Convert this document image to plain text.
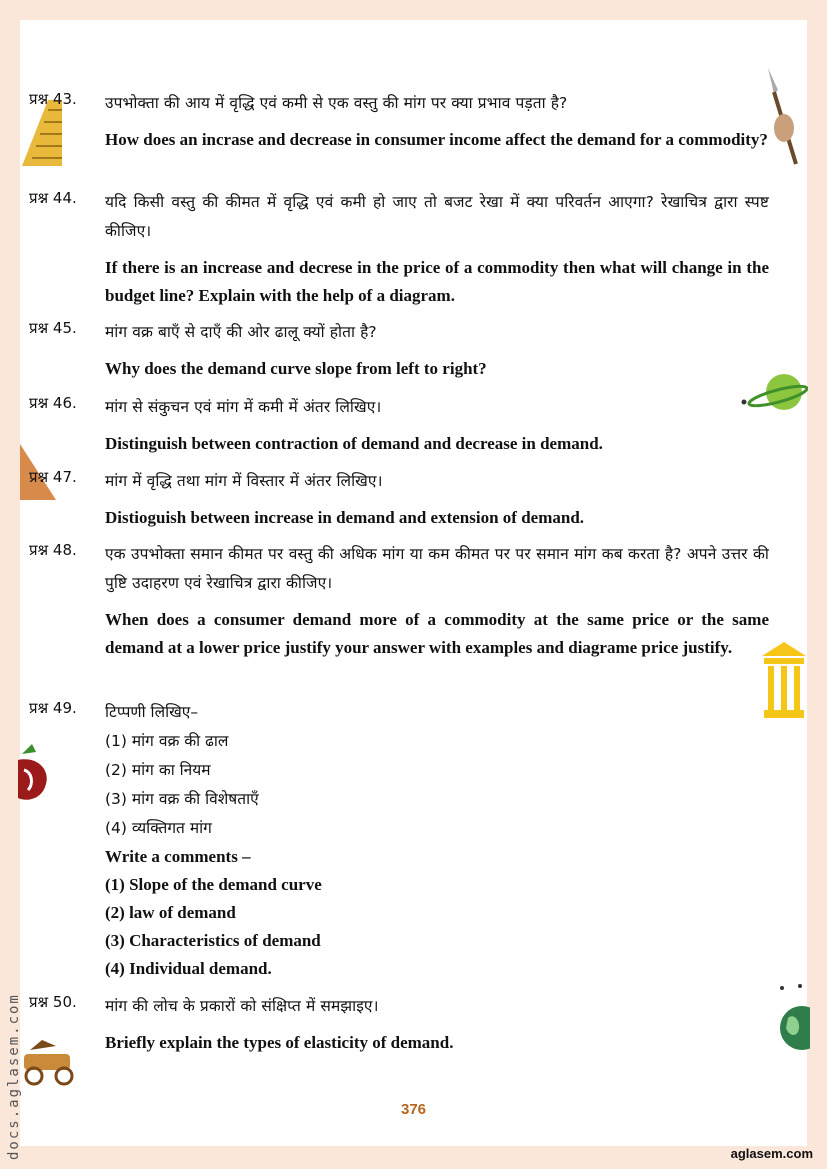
प्रश्न 43.	उपभोक्ता की आय में वृद्धि एवं कमी से एक वस्तु की मांग पर क्या प्रभाव पड़ता है?

How does an incrase and decrease in consumer income affect the demand for a commodity?

प्रश्न 44.	यदि किसी वस्तु की कीमत में वृद्धि एवं कमी हो जाए तो बजट रेखा में क्या परिवर्तन आएगा? रेखाचित्र द्वारा स्पष्ट कीजिए।

If there is an increase and decrese in the price of a commodity then what will change in the budget line? Explain with the help of a diagram.

प्रश्न 45.	मांग वक्र बाएँ से दाएँ की ओर ढालू क्यों होता है?

Why does the demand curve slope from left to right?

प्रश्न 46.	मांग से संकुचन एवं मांग में कमी में अंतर लिखिए।

Distinguish between contraction of demand and decrease in demand.

प्रश्न 47.	मांग में वृद्धि तथा मांग में विस्तार में अंतर लिखिए।

Distioguish between increase in demand and extension of demand.

प्रश्न 48.	एक उपभोक्ता समान कीमत पर वस्तु की अधिक मांग या कम कीमत पर पर समान मांग कब करता है? अपने उत्तर की पुष्टि उदाहरण एवं रेखाचित्र द्वारा कीजिए।

When does a consumer demand more of a commodity at the same price or the same demand at a lower price justify your answer with examples and diagrame price justify.

प्रश्न 49.	टिप्पणी लिखिए–

(1) मांग वक्र की ढाल

(2) मांग का नियम

(3) मांग वक्र की विशेषताएँ

(4) व्यक्तिगत मांग

Write a comments –

(1) Slope of the demand curve

(2) law of demand

(3) Characteristics of demand

(4) Individual demand.

प्रश्न 50.	मांग की लोच के प्रकारों को संक्षिप्त में समझाइए।

Briefly explain the types of elasticity of demand.

376
aglasem.com
docs.aglasem.com
